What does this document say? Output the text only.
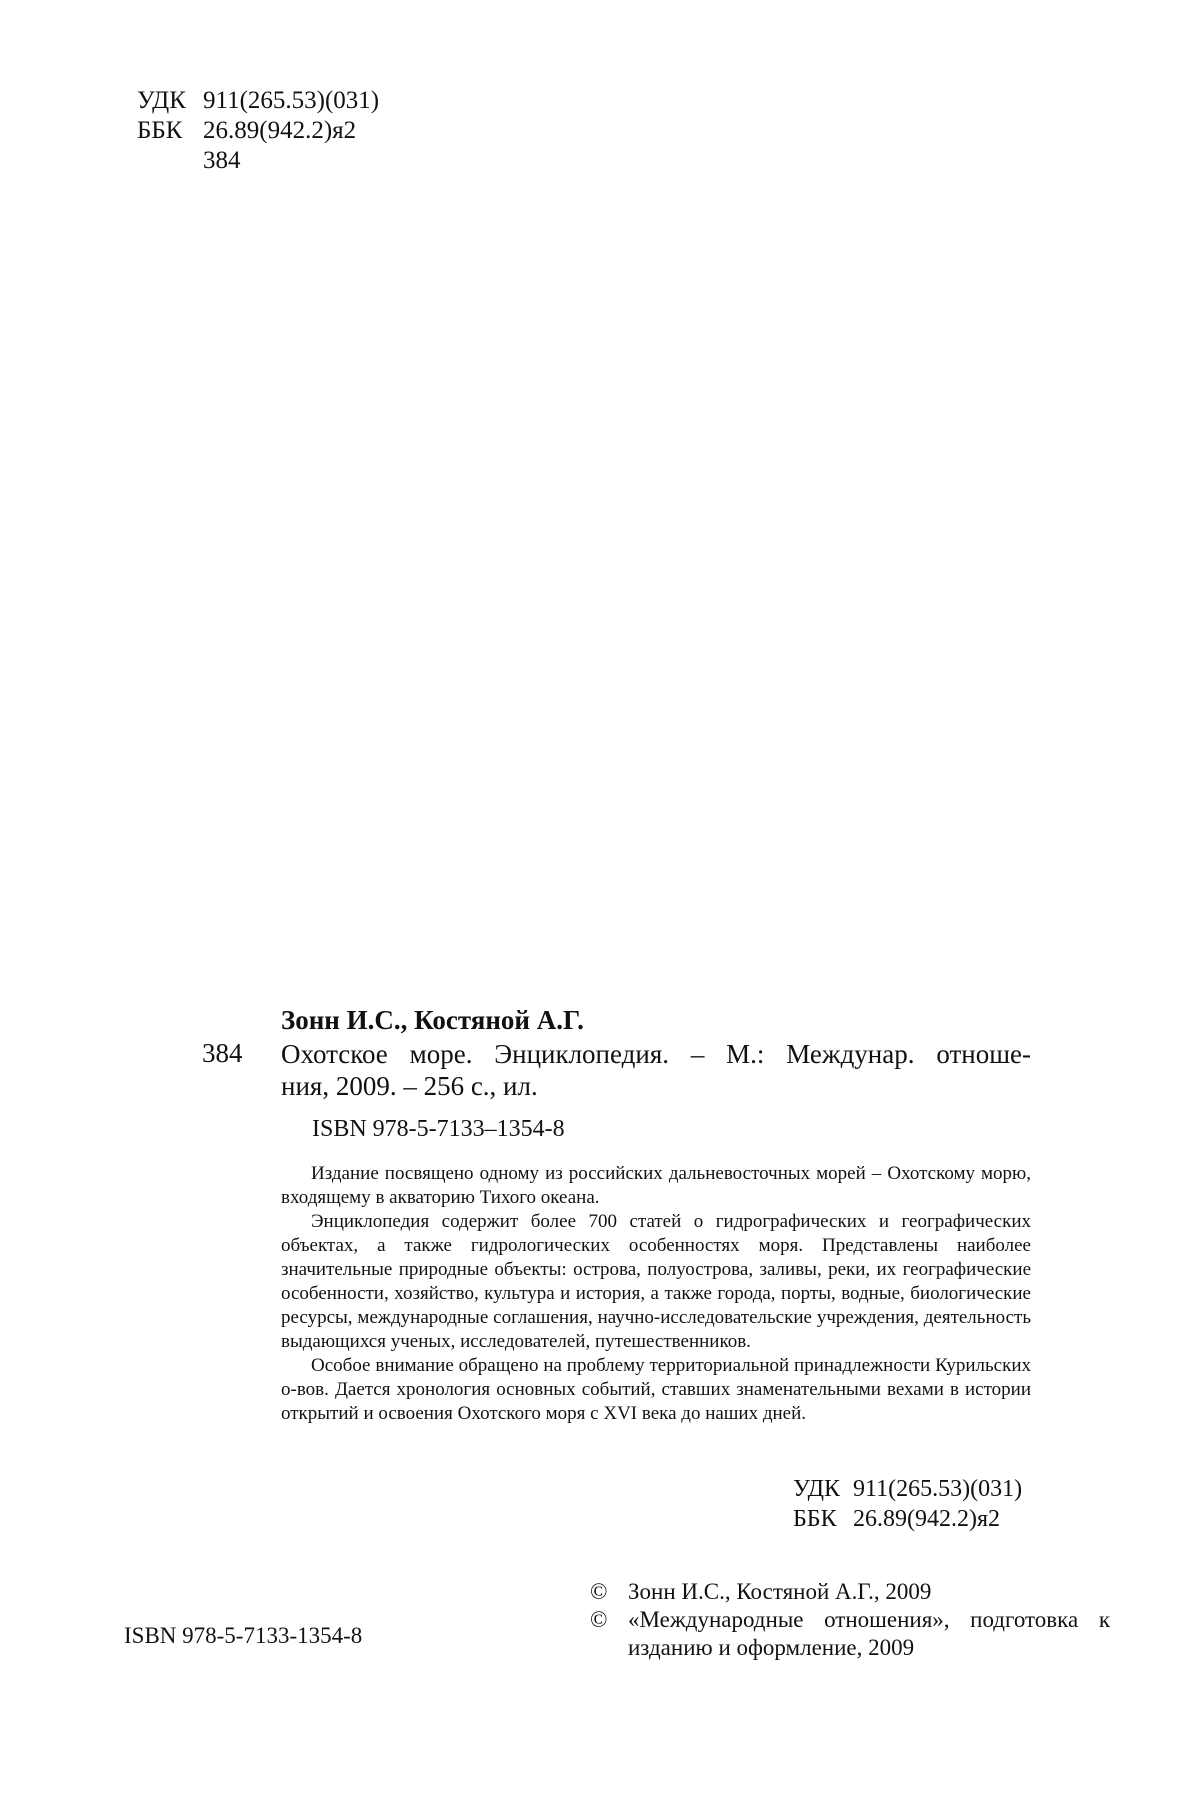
УДК 911(265.53)(031)
ББК 26.89(942.2)я2
384
Зонн И.С., Костяной А.Г.
384 Охотское море. Энциклопедия. – М.: Междунар. отноше-
ния, 2009. – 256 с., ил.
ISBN 978-5-7133–1354-8

Издание посвящено одному из российских дальневосточных морей – Охотскому морю, входящему в акваторию Тихого океана.

Энциклопедия содержит более 700 статей о гидрографических и географических объектах, а также гидрологических особенностях моря. Представлены наиболее значительные природные объекты: острова, полуострова, заливы, реки, их географические особенности, хозяйство, культура и история, а также города, порты, водные, биологические ресурсы, международные соглашения, научно-исследовательские учреждения, деятельность выдающихся ученых, исследователей, путешественников.

Особое внимание обращено на проблему территориальной принадлежности Курильских о-вов. Дается хронология основных событий, ставших знаменательными вехами в истории открытий и освоения Охотского моря с XVI века до наших дней.

УДК 911(265.53)(031)
ББК 26.89(942.2)я2
ISBN 978-5-7133-1354-8
© Зонн И.С., Костяной А.Г., 2009
© «Международные отношения», подготовка к изданию и оформление, 2009
